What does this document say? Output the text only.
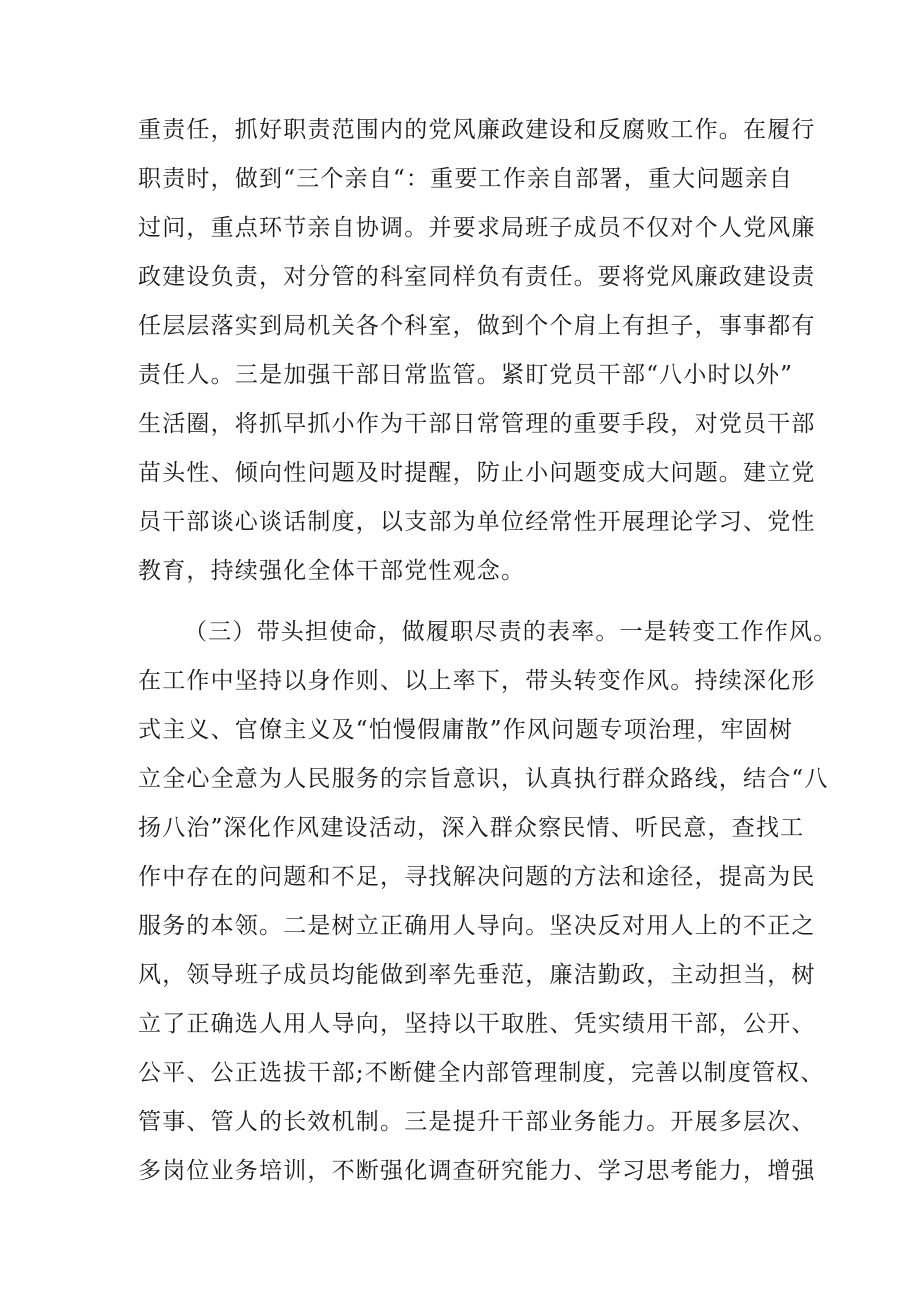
重责任，抓好职责范围内的党风廉政建设和反腐败工作。在履行
职责时，做到“三个亲自“：重要工作亲自部署，重大问题亲自
过问，重点环节亲自协调。并要求局班子成员不仅对个人党风廉
政建设负责，对分管的科室同样负有责任。要将党风廉政建设责
任层层落实到局机关各个科室，做到个个肩上有担子，事事都有
责任人。三是加强干部日常监管。紧盯党员干部“八小时以外”
生活圈，将抓早抓小作为干部日常管理的重要手段，对党员干部
苗头性、倾向性问题及时提醒，防止小问题变成大问题。建立党
员干部谈心谈话制度，以支部为单位经常性开展理论学习、党性
教育，持续强化全体干部党性观念。
（三）带头担使命，做履职尽责的表率。一是转变工作作风。
在工作中坚持以身作则、以上率下，带头转变作风。持续深化形
式主义、官僚主义及“怕慢假庸散”作风问题专项治理，牢固树
立全心全意为人民服务的宗旨意识，认真执行群众路线，结合“八
扬八治”深化作风建设活动，深入群众察民情、听民意，查找工
作中存在的问题和不足，寻找解决问题的方法和途径，提高为民
服务的本领。二是树立正确用人导向。坚决反对用人上的不正之
风，领导班子成员均能做到率先垂范，廉洁勤政，主动担当，树
立了正确选人用人导向，坚持以干取胜、凭实绩用干部，公开、
公平、公正选拔干部;不断健全内部管理制度，完善以制度管权、
管事、管人的长效机制。三是提升干部业务能力。开展多层次、
多岗位业务培训，不断强化调查研究能力、学习思考能力，增强
